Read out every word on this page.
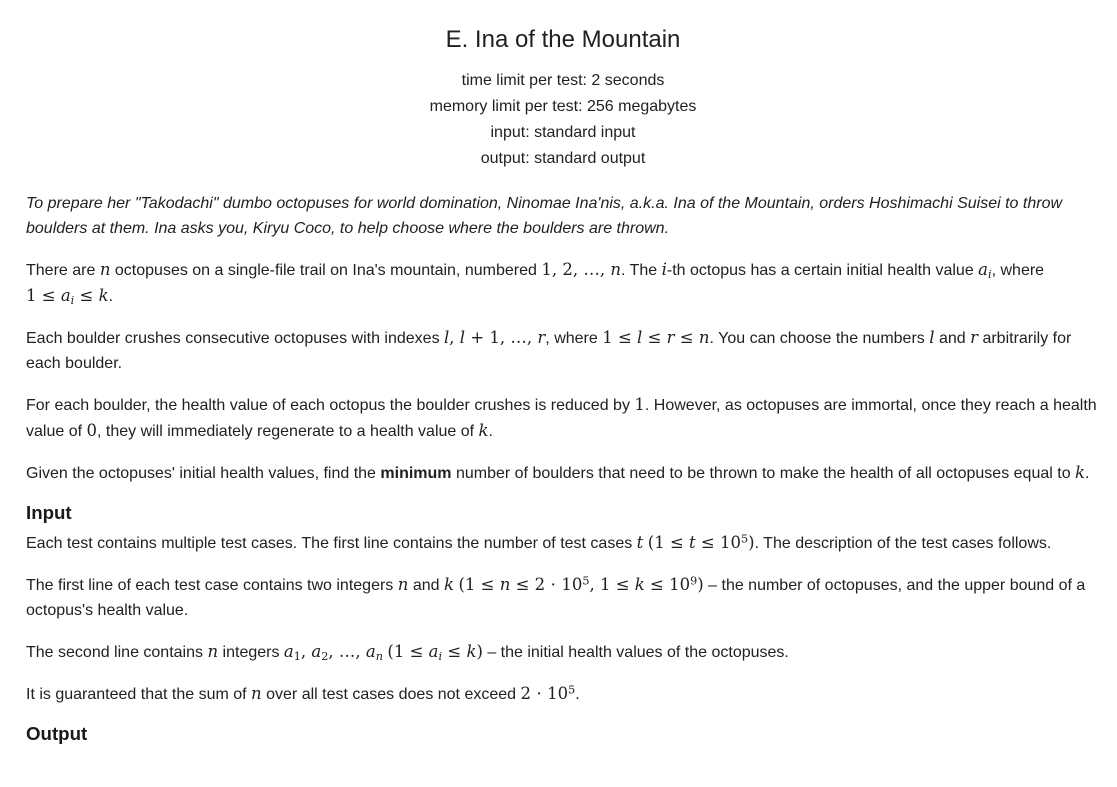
E. Ina of the Mountain
time limit per test: 2 seconds
memory limit per test: 256 megabytes
input: standard input
output: standard output

To prepare her "Takodachi" dumbo octopuses for world domination, Ninomae Ina'nis, a.k.a. Ina of the Mountain, orders Hoshimachi Suisei to throw boulders at them. Ina asks you, Kiryu Coco, to help choose where the boulders are thrown.

There are n octopuses on a single-file trail on Ina's mountain, numbered 1, 2, …, n. The i-th octopus has a certain initial health value $a_i$, where $1 \le a_i \le k$.

Each boulder crushes consecutive octopuses with indexes l, l + 1, …, r, where 1 ≤ l ≤ r ≤ n. You can choose the numbers l and r arbitrarily for each boulder.

For each boulder, the health value of each octopus the boulder crushes is reduced by 1. However, as octopuses are immortal, once they reach a health value of 0, they will immediately regenerate to a health value of k.

Given the octopuses' initial health values, find the minimum number of boulders that need to be thrown to make the health of all octopuses equal to k.

Input

Each test contains multiple test cases. The first line contains the number of test cases t $(1 \le t \le 10^5)$. The description of the test cases follows.

The first line of each test case contains two integers n and k ($1 \le n \le 2 \cdot 10^5$, $1 \le k \le 10^9$) – the number of octopuses, and the upper bound of a octopus's health value.

The second line contains n integers $a_1$, $a_2$, …, $a_n$ $(1 \le a_i \le k)$ – the initial health values of the octopuses.

It is guaranteed that the sum of n over all test cases does not exceed $2 \cdot 10^5$.

Output
